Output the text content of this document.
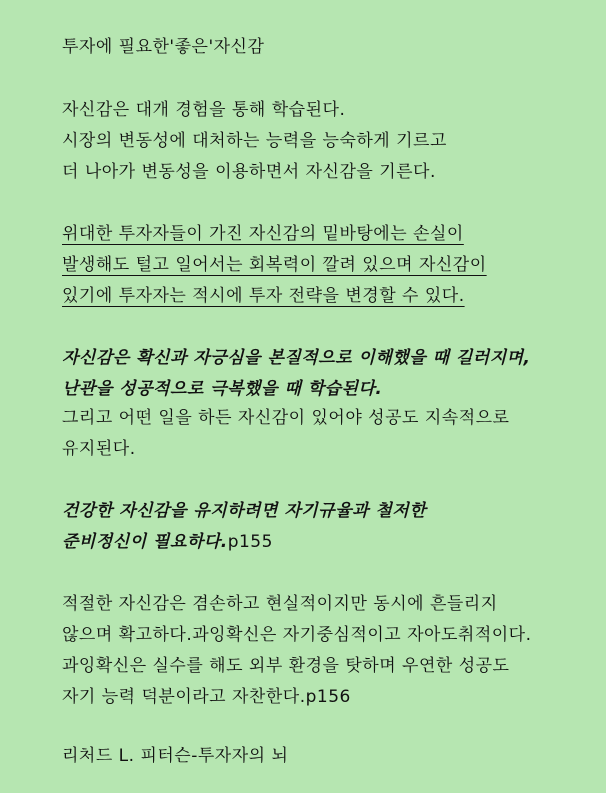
투자에 필요한'좋은'자신감
자신감은 대개 경험을 통해 학습된다.
시장의 변동성에 대처하는 능력을 능숙하게 기르고
더 나아가 변동성을 이용하면서 자신감을 기른다.
위대한 투자자들이 가진 자신감의 밑바탕에는 손실이
발생해도 털고 일어서는 회복력이 깔려 있으며 자신감이
있기에 투자자는 적시에 투자 전략을 변경할 수 있다.
자신감은 확신과 자긍심을 본질적으로 이해했을 때 길러지며,
난관을 성공적으로 극복했을 때 학습된다.
그리고 어떤 일을 하든 자신감이 있어야 성공도 지속적으로
유지된다.
건강한 자신감을 유지하려면 자기규율과 철저한
준비정신이 필요하다.p155
적절한 자신감은 겸손하고 현실적이지만 동시에 흔들리지
않으며 확고하다.과잉확신은 자기중심적이고 자아도취적이다.
과잉확신은 실수를 해도 외부 환경을 탓하며 우연한 성공도
자기 능력 덕분이라고 자찬한다.p156
리처드 L. 피터슨-투자자의 뇌
